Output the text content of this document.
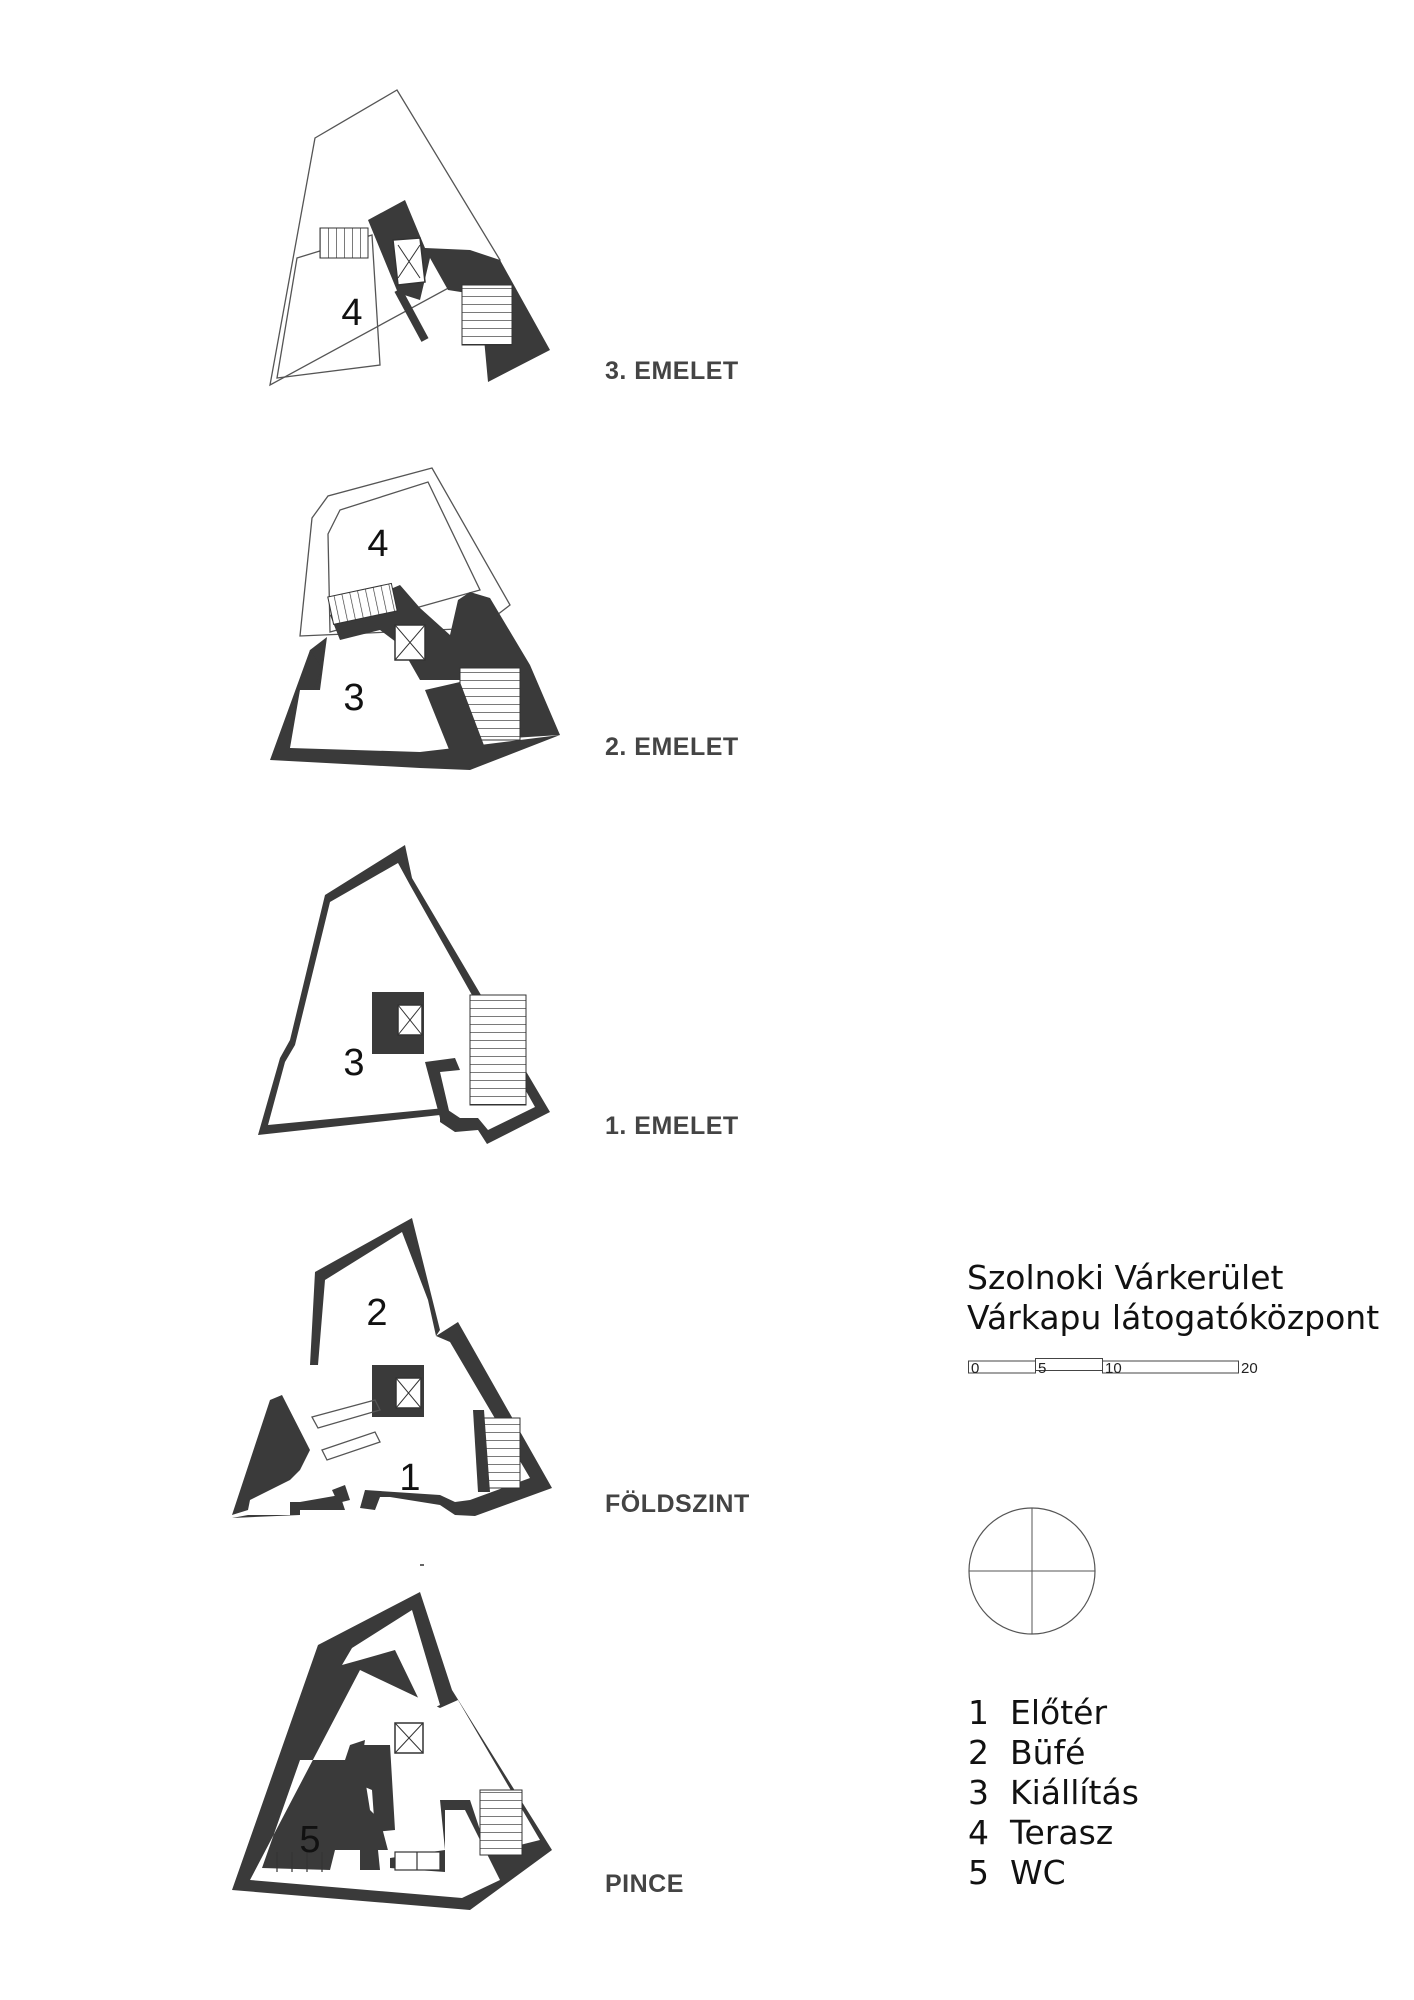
4
4
3
3
2
1
5
3. EMELET
2. EMELET
1. EMELET
FÖLDSZINT
PINCE
Szolnoki Várkerület
Várkapu látogatóközpont
0	5	10	20
1 Előtér
2 Büfé
3 Kiállítás
4 Terasz
5 WC
